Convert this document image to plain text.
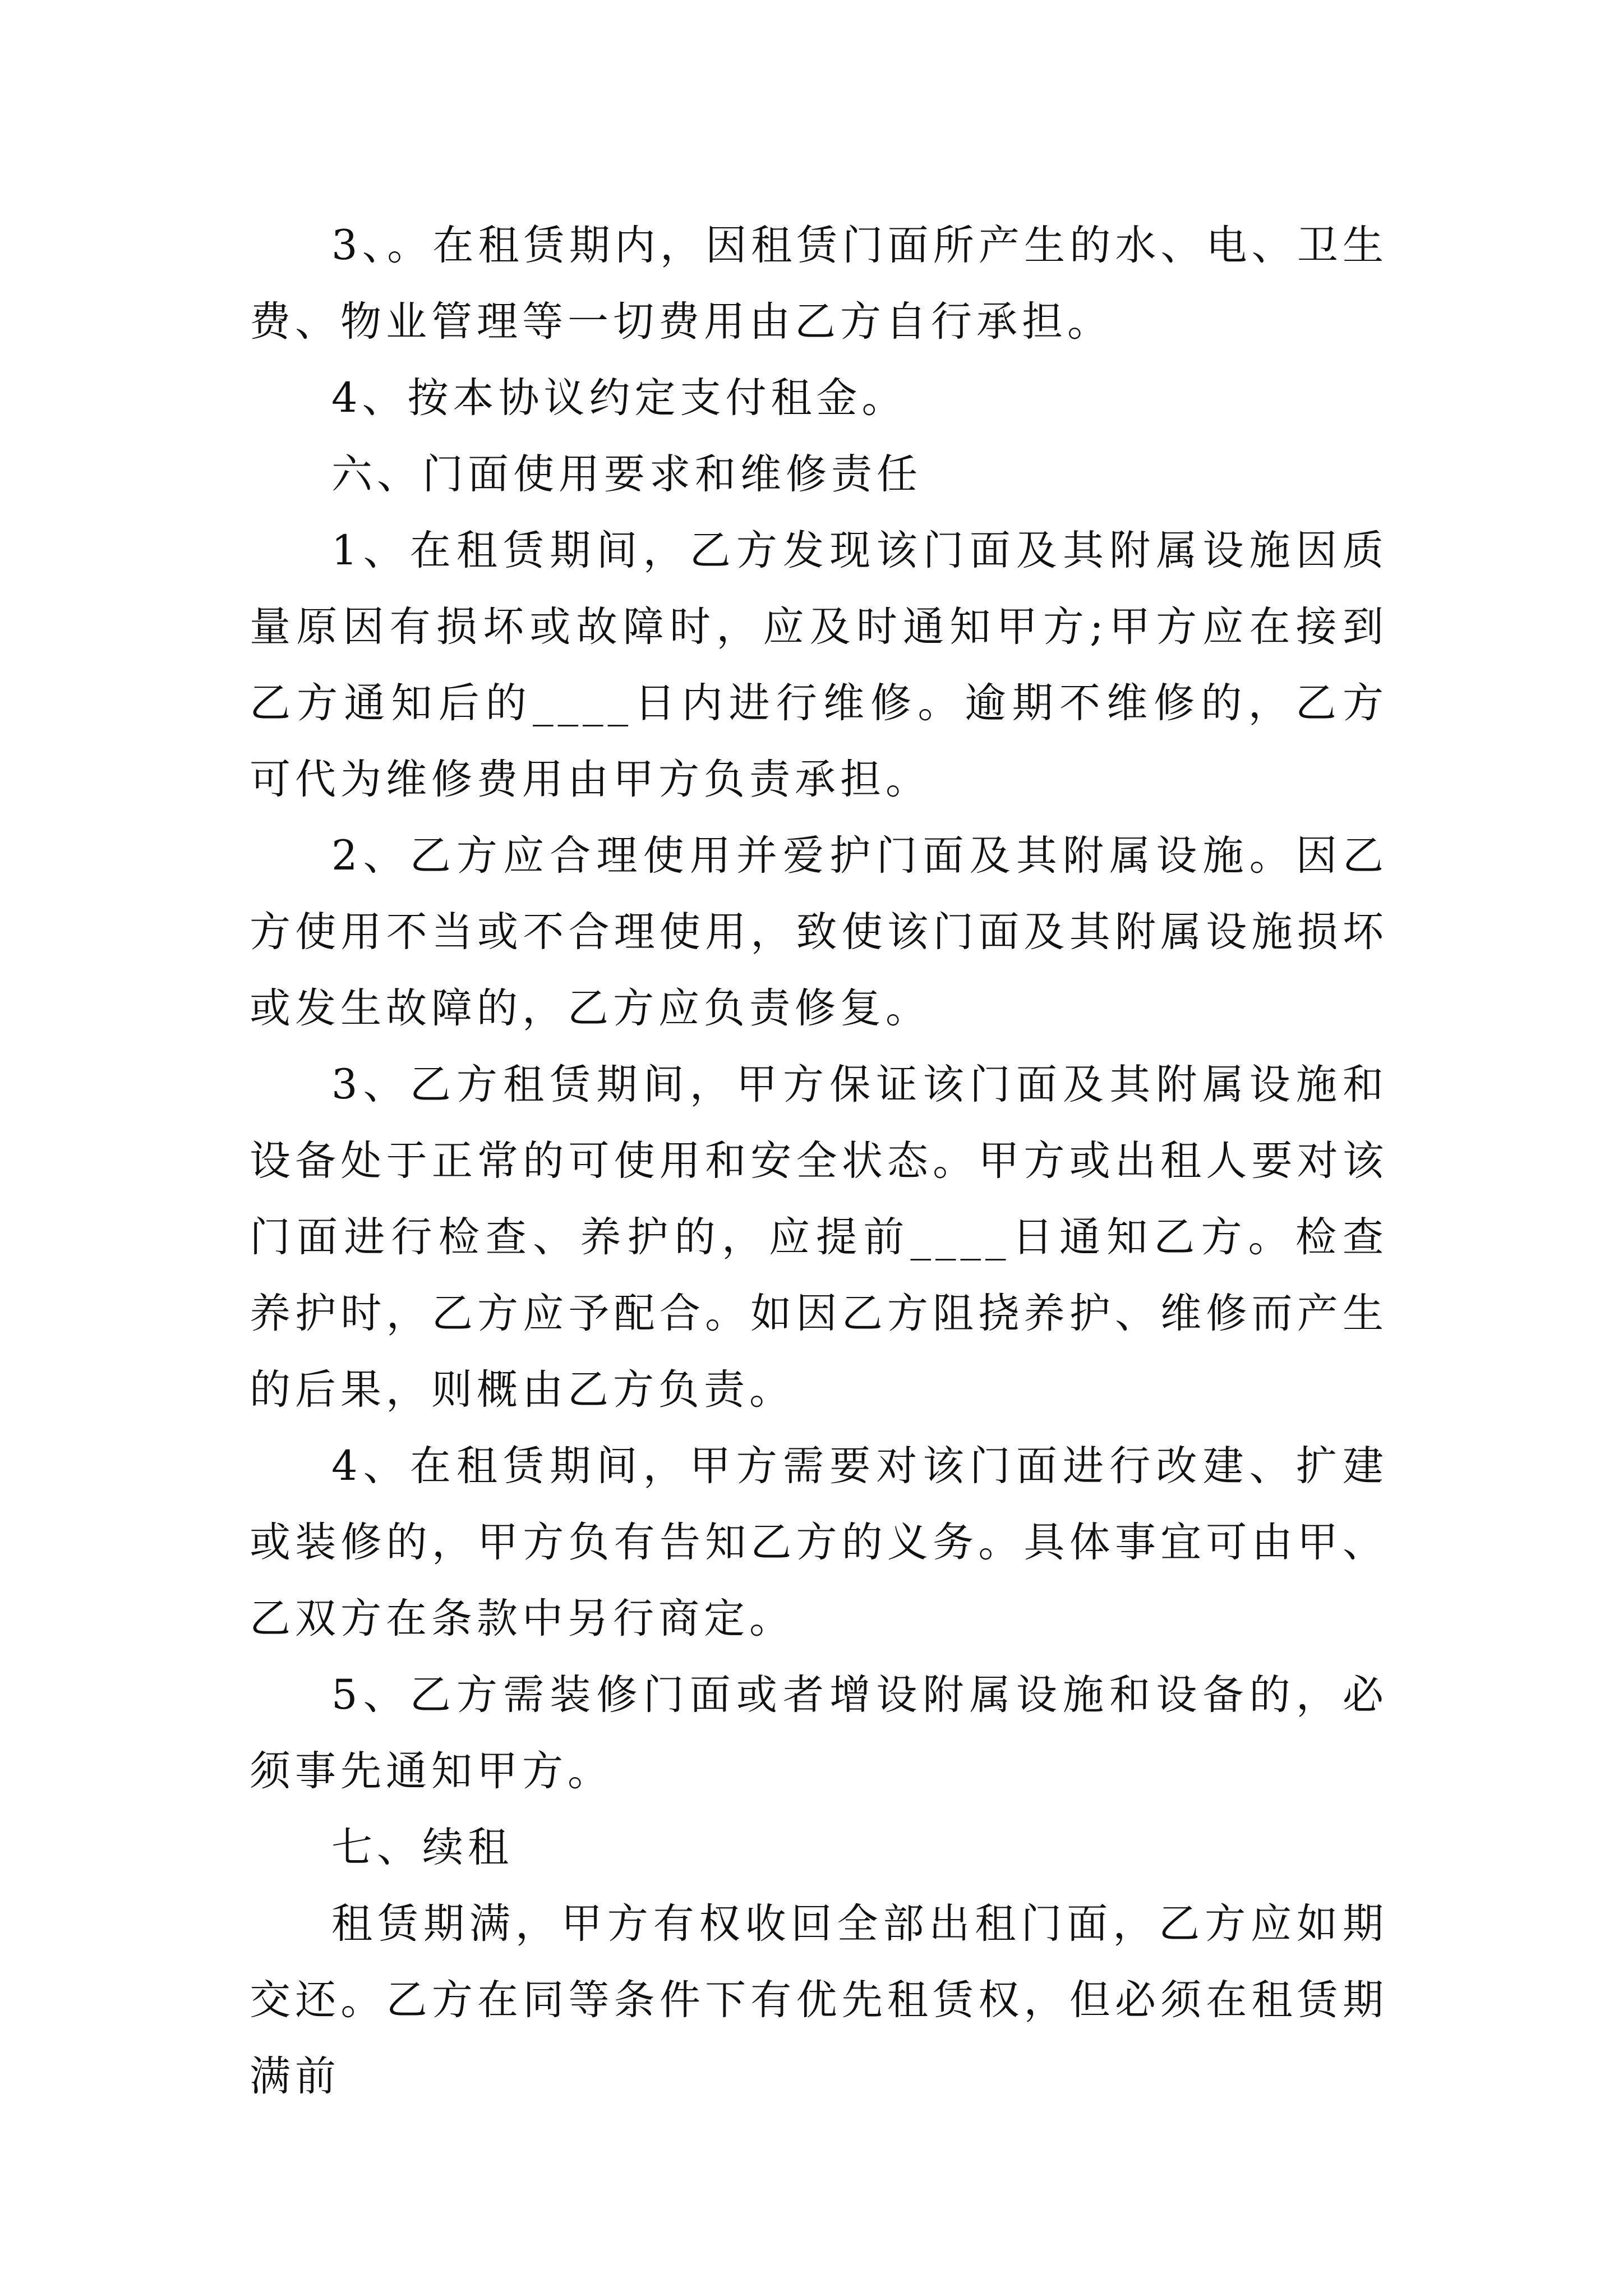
3、。在租赁期内，因租赁门面所产生的水、电、卫生费、物业管理等一切费用由乙方自行承担。

4、按本协议约定支付租金。

六、门面使用要求和维修责任

1、在租赁期间，乙方发现该门面及其附属设施因质量原因有损坏或故障时，应及时通知甲方;甲方应在接到乙方通知后的____日内进行维修。逾期不维修的，乙方可代为维修费用由甲方负责承担。

2、乙方应合理使用并爱护门面及其附属设施。因乙方使用不当或不合理使用，致使该门面及其附属设施损坏或发生故障的，乙方应负责修复。

3、乙方租赁期间，甲方保证该门面及其附属设施和设备处于正常的可使用和安全状态。甲方或出租人要对该门面进行检查、养护的，应提前____日通知乙方。检查养护时，乙方应予配合。如因乙方阻挠养护、维修而产生的后果，则概由乙方负责。

4、在租赁期间，甲方需要对该门面进行改建、扩建或装修的，甲方负有告知乙方的义务。具体事宜可由甲、乙双方在条款中另行商定。

5、乙方需装修门面或者增设附属设施和设备的，必须事先通知甲方。

七、续租

租赁期满，甲方有权收回全部出租门面，乙方应如期交还。乙方在同等条件下有优先租赁权，但必须在租赁期满前
